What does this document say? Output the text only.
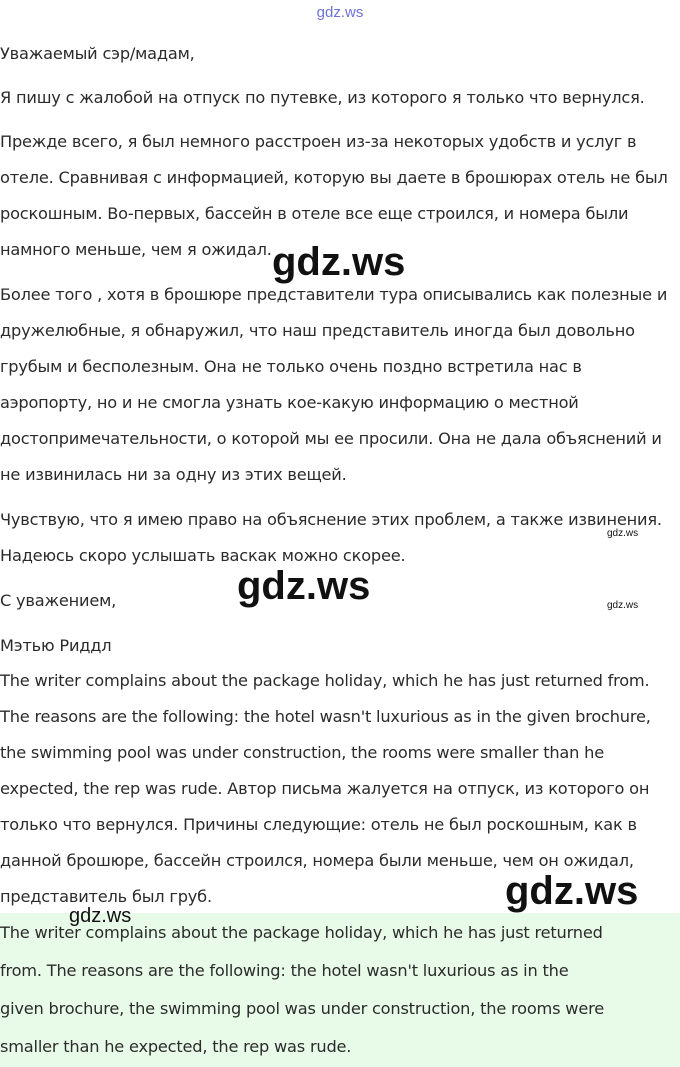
gdz.ws

Уважаемый сэр/мадам,

Я пишу с жалобой на отпуск по путевке, из которого я только что вернулся.

Прежде всего, я был немного расстроен из-за некоторых удобств и услуг в
отеле. Сравнивая с информацией, которую вы даете в брошюрах отель не был
роскошным. Во-первых, бассейн в отеле все еще строился, и номера были
намного меньше, чем я ожидал.

Более того , хотя в брошюре представители тура описывались как полезные и
дружелюбные, я обнаружил, что наш представитель иногда был довольно
грубым и бесполезным. Она не только очень поздно встретила нас в
аэропорту, но и не смогла узнать кое-какую информацию о местной
достопримечательности, о которой мы ее просили. Она не дала объяснений и
не извинилась ни за одну из этих вещей.

Чувствую, что я имею право на объяснение этих проблем, а также извинения.
Надеюсь скоро услышать васкак можно скорее.

С уважением,

Мэтью Риддл

The writer complains about the package holiday, which he has just returned from.
The reasons are the following: the hotel wasn't luxurious as in the given brochure,
the swimming pool was under construction, the rooms were smaller than he
expected, the rep was rude. Автор письма жалуется на отпуск, из которого он
только что вернулся. Причины следующие: отель не был роскошным, как в
данной брошюре, бассейн строился, номера были меньше, чем он ожидал,
представитель был груб.

The writer complains about the package holiday, which he has just returned
from. The reasons are the following: the hotel wasn't luxurious as in the
given brochure, the swimming pool was under construction, the rooms were
smaller than he expected, the rep was rude.

gdz.ws
gdz.ws
gdz.ws
gdz.ws
gdz.ws
gdz.ws
